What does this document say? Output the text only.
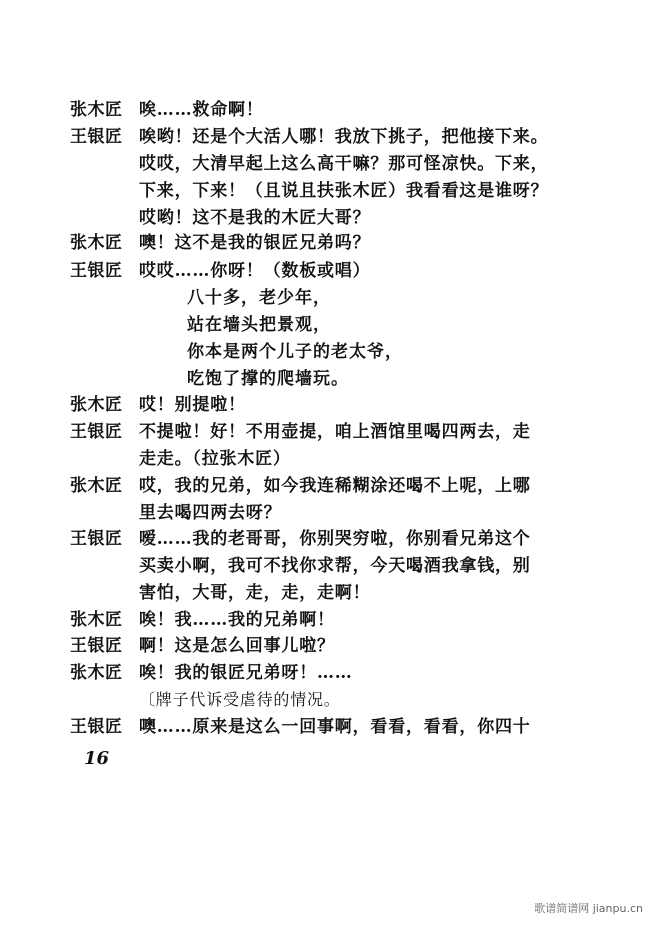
张木匠 唉……救命啊！
王银匠 唉哟！还是个大活人哪！我放下挑子，把他接下来。
哎哎，大清早起上这么高干嘛？那可怪凉快。下来，
下来，下来！（且说且扶张木匠）我看看这是谁呀？
哎哟！这不是我的木匠大哥？
张木匠 噢！这不是我的银匠兄弟吗？
王银匠 哎哎……你呀！（数板或唱）
八十多，老少年，
站在墙头把景观，
你本是两个儿子的老太爷，
吃饱了撑的爬墙玩。
张木匠 哎！别提啦！
王银匠 不提啦！好！不用壶提，咱上酒馆里喝四两去，走
走走。（拉张木匠）
张木匠 哎，我的兄弟，如今我连稀糊涂还喝不上呢，上哪
里去喝四两去呀？
王银匠 嗳……我的老哥哥，你别哭穷啦，你别看兄弟这个
买卖小啊，我可不找你求帮，今天喝酒我拿钱，别
害怕，大哥，走，走，走啊！
张木匠 唉！我……我的兄弟啊！
王银匠 啊！这是怎么回事儿啦？
张木匠 唉！我的银匠兄弟呀！……
〔牌子代诉受虐待的情况。
王银匠 噢……原来是这么一回事啊，看看，看看，你四十
16
歌谱简谱网 jianpu.cn
